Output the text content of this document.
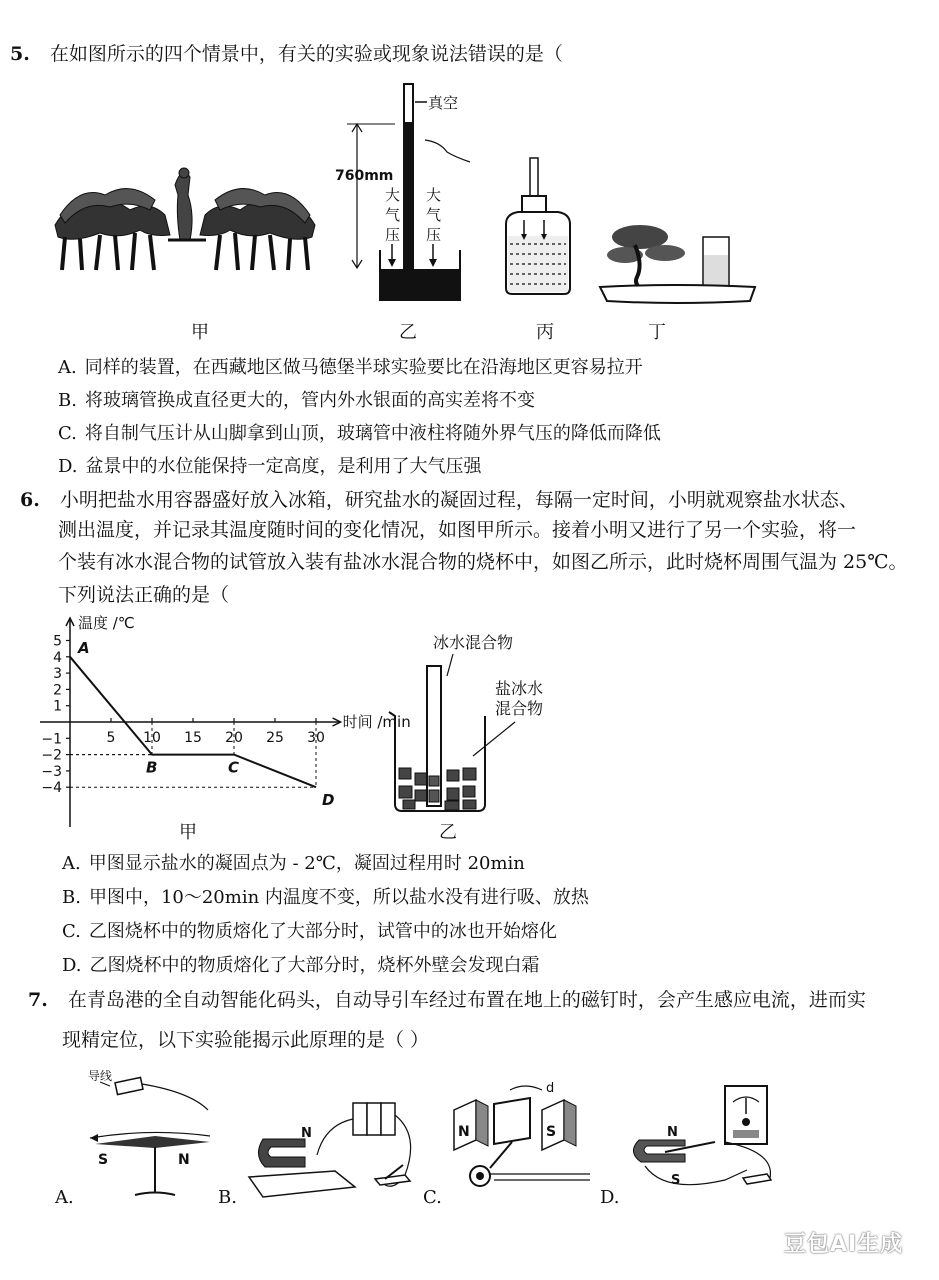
5. 在如图所示的四个情景中，有关的实验或现象说法错误的是（
甲
真空
760mm
大
气
压
大
气
压
乙	丙	丁
A. 同样的装置，在西藏地区做马德堡半球实验要比在沿海地区更容易拉开
B. 将玻璃管换成直径更大的，管内外水银面的高实差将不变
C. 将自制气压计从山脚拿到山顶，玻璃管中液柱将随外界气压的降低而降低
D. 盆景中的水位能保持一定高度，是利用了大气压强
6. 小明把盐水用容器盛好放入冰箱，研究盐水的凝固过程，每隔一定时间，小明就观察盐水状态、
测出温度，并记录其温度随时间的变化情况，如图甲所示。接着小明又进行了另一个实验，将一
个装有冰水混合物的试管放入装有盐冰水混合物的烧杯中，如图乙所示，此时烧杯周围气温为 25℃。
下列说法正确的是（
温度 /℃
时间 /min
5
4
3
2
1
−1
−2
−3
−4
5 10 15 20 25 30
A
B	C
D
甲
冰水混合物
盐冰水
混合物
乙
A. 甲图显示盐水的凝固点为 - 2℃，凝固过程用时 20min
B. 甲图中，10～20min 内温度不变，所以盐水没有进行吸、放热
C. 乙图烧杯中的物质熔化了大部分时，试管中的冰也开始熔化
D. 乙图烧杯中的物质熔化了大部分时，烧杯外壁会发现白霜
7. 在青岛港的全自动智能化码头，自动导引车经过布置在地上的磁钉时，会产生感应电流，进而实
现精定位，以下实验能揭示此原理的是（ ）
导线
S	N
A.
N
B.
d
N	S
C.
N
S
D.
豆包AI生成
